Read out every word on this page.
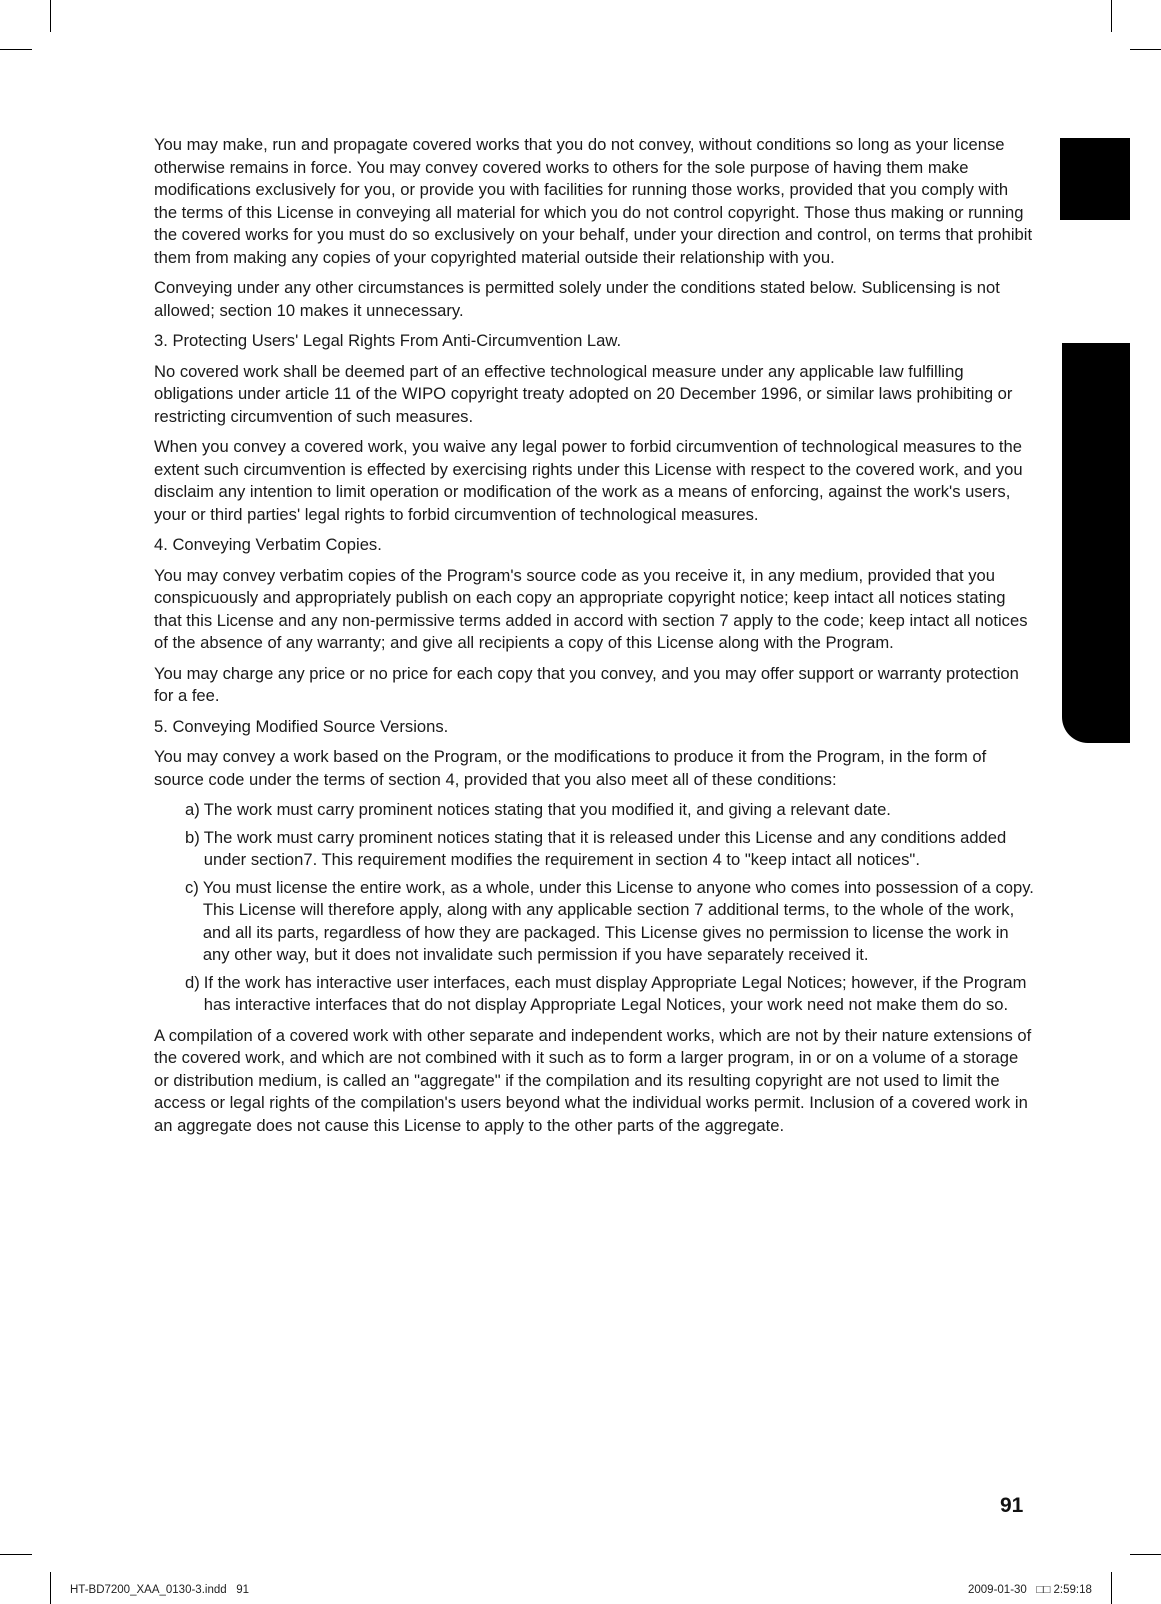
You may make, run and propagate covered works that you do not convey, without conditions so long as your license otherwise remains in force. You may convey covered works to others for the sole purpose of having them make modifications exclusively for you, or provide you with facilities for running those works, provided that you comply with the terms of this License in conveying all material for which you do not control copyright. Those thus making or running the covered works for you must do so exclusively on your behalf, under your direction and control, on terms that prohibit them from making any copies of your copyrighted material outside their relationship with you.

Conveying under any other circumstances is permitted solely under the conditions stated below. Sublicensing is not allowed; section 10 makes it unnecessary.

3. Protecting Users' Legal Rights From Anti-Circumvention Law.

No covered work shall be deemed part of an effective technological measure under any applicable law fulfilling obligations under article 11 of the WIPO copyright treaty adopted on 20 December 1996, or similar laws prohibiting or restricting circumvention of such measures.

When you convey a covered work, you waive any legal power to forbid circumvention of technological measures to the extent such circumvention is effected by exercising rights under this License with respect to the covered work, and you disclaim any intention to limit operation or modification of the work as a means of enforcing, against the work's users, your or third parties' legal rights to forbid circumvention of technological measures.

4. Conveying Verbatim Copies.

You may convey verbatim copies of the Program's source code as you receive it, in any medium, provided that you conspicuously and appropriately publish on each copy an appropriate copyright notice; keep intact all notices stating that this License and any non-permissive terms added in accord with section 7 apply to the code; keep intact all notices of the absence of any warranty; and give all recipients a copy of this License along with the Program.

You may charge any price or no price for each copy that you convey, and you may offer support or warranty protection for a fee.

5. Conveying Modified Source Versions.

You may convey a work based on the Program, or the modifications to produce it from the Program, in the form of source code under the terms of section 4, provided that you also meet all of these conditions:

a) The work must carry prominent notices stating that you modified it, and giving a relevant date.
b) The work must carry prominent notices stating that it is released under this License and any conditions added under section7. This requirement modifies the requirement in section 4 to "keep intact all notices".
c) You must license the entire work, as a whole, under this License to anyone who comes into possession of a copy. This License will therefore apply, along with any applicable section 7 additional terms, to the whole of the work, and all its parts, regardless of how they are packaged. This License gives no permission to license the work in any other way, but it does not invalidate such permission if you have separately received it.
d) If the work has interactive user interfaces, each must display Appropriate Legal Notices; however, if the Program has interactive interfaces that do not display Appropriate Legal Notices, your work need not make them do so.

A compilation of a covered work with other separate and independent works, which are not by their nature extensions of the covered work, and which are not combined with it such as to form a larger program, in or on a volume of a storage or distribution medium, is called an "aggregate" if the compilation and its resulting copyright are not used to limit the access or legal rights of the compilation's users beyond what the individual works permit. Inclusion of a covered work in an aggregate does not cause this License to apply to the other parts of the aggregate.

91
HT-BD7200_XAA_0130-3.indd   91	2009-01-30   □□ 2:59:18
